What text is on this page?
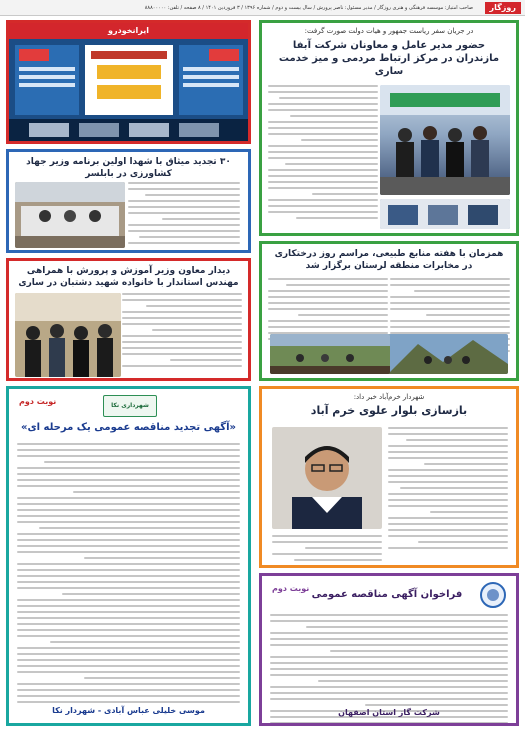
روزگار
صاحب امتیاز: موسسه فرهنگی و هنری روزگار / مدیر مسئول: ناصر پرورش / سال بیست و دوم / شماره ۱۳۹۶ / ۳ فروردین ۱۴۰۱ / ۸ صفحه / تلفن: ۸۸۸۰۰۰۰۰
در جریان سفر ریاست جمهور و هیات دولت صورت گرفت:
حضور مدیر عامل و معاونان شرکت آبفا مازندران در مرکز ارتباط مردمی و میز خدمت ساری
ایرانخودرو
۳۰ تجدید میثاق با شهدا اولین برنامه وزیر جهاد کشاورزی در بابلسر
همزمان با هفته منابع طبیعی، مراسم روز درختکاری در مخابرات منطقه لرستان برگزار شد
دیدار معاون وزیر آموزش و پرورش با همراهی مهندس استاندار با خانواده شهید دشتبان در ساری
شهردار خرم‌آباد خبر داد:
بازسازی بلوار علوی خرم آباد
نوبت دوم	شهرداری نکا
«آگهی تجدید مناقصه عمومی یک مرحله ای»
موسی خلیلی عباس آبادی - شهردار نکا
نوبت دوم
فراخوان آگهی مناقصه عمومی
شرکت گاز استان اصفهان
